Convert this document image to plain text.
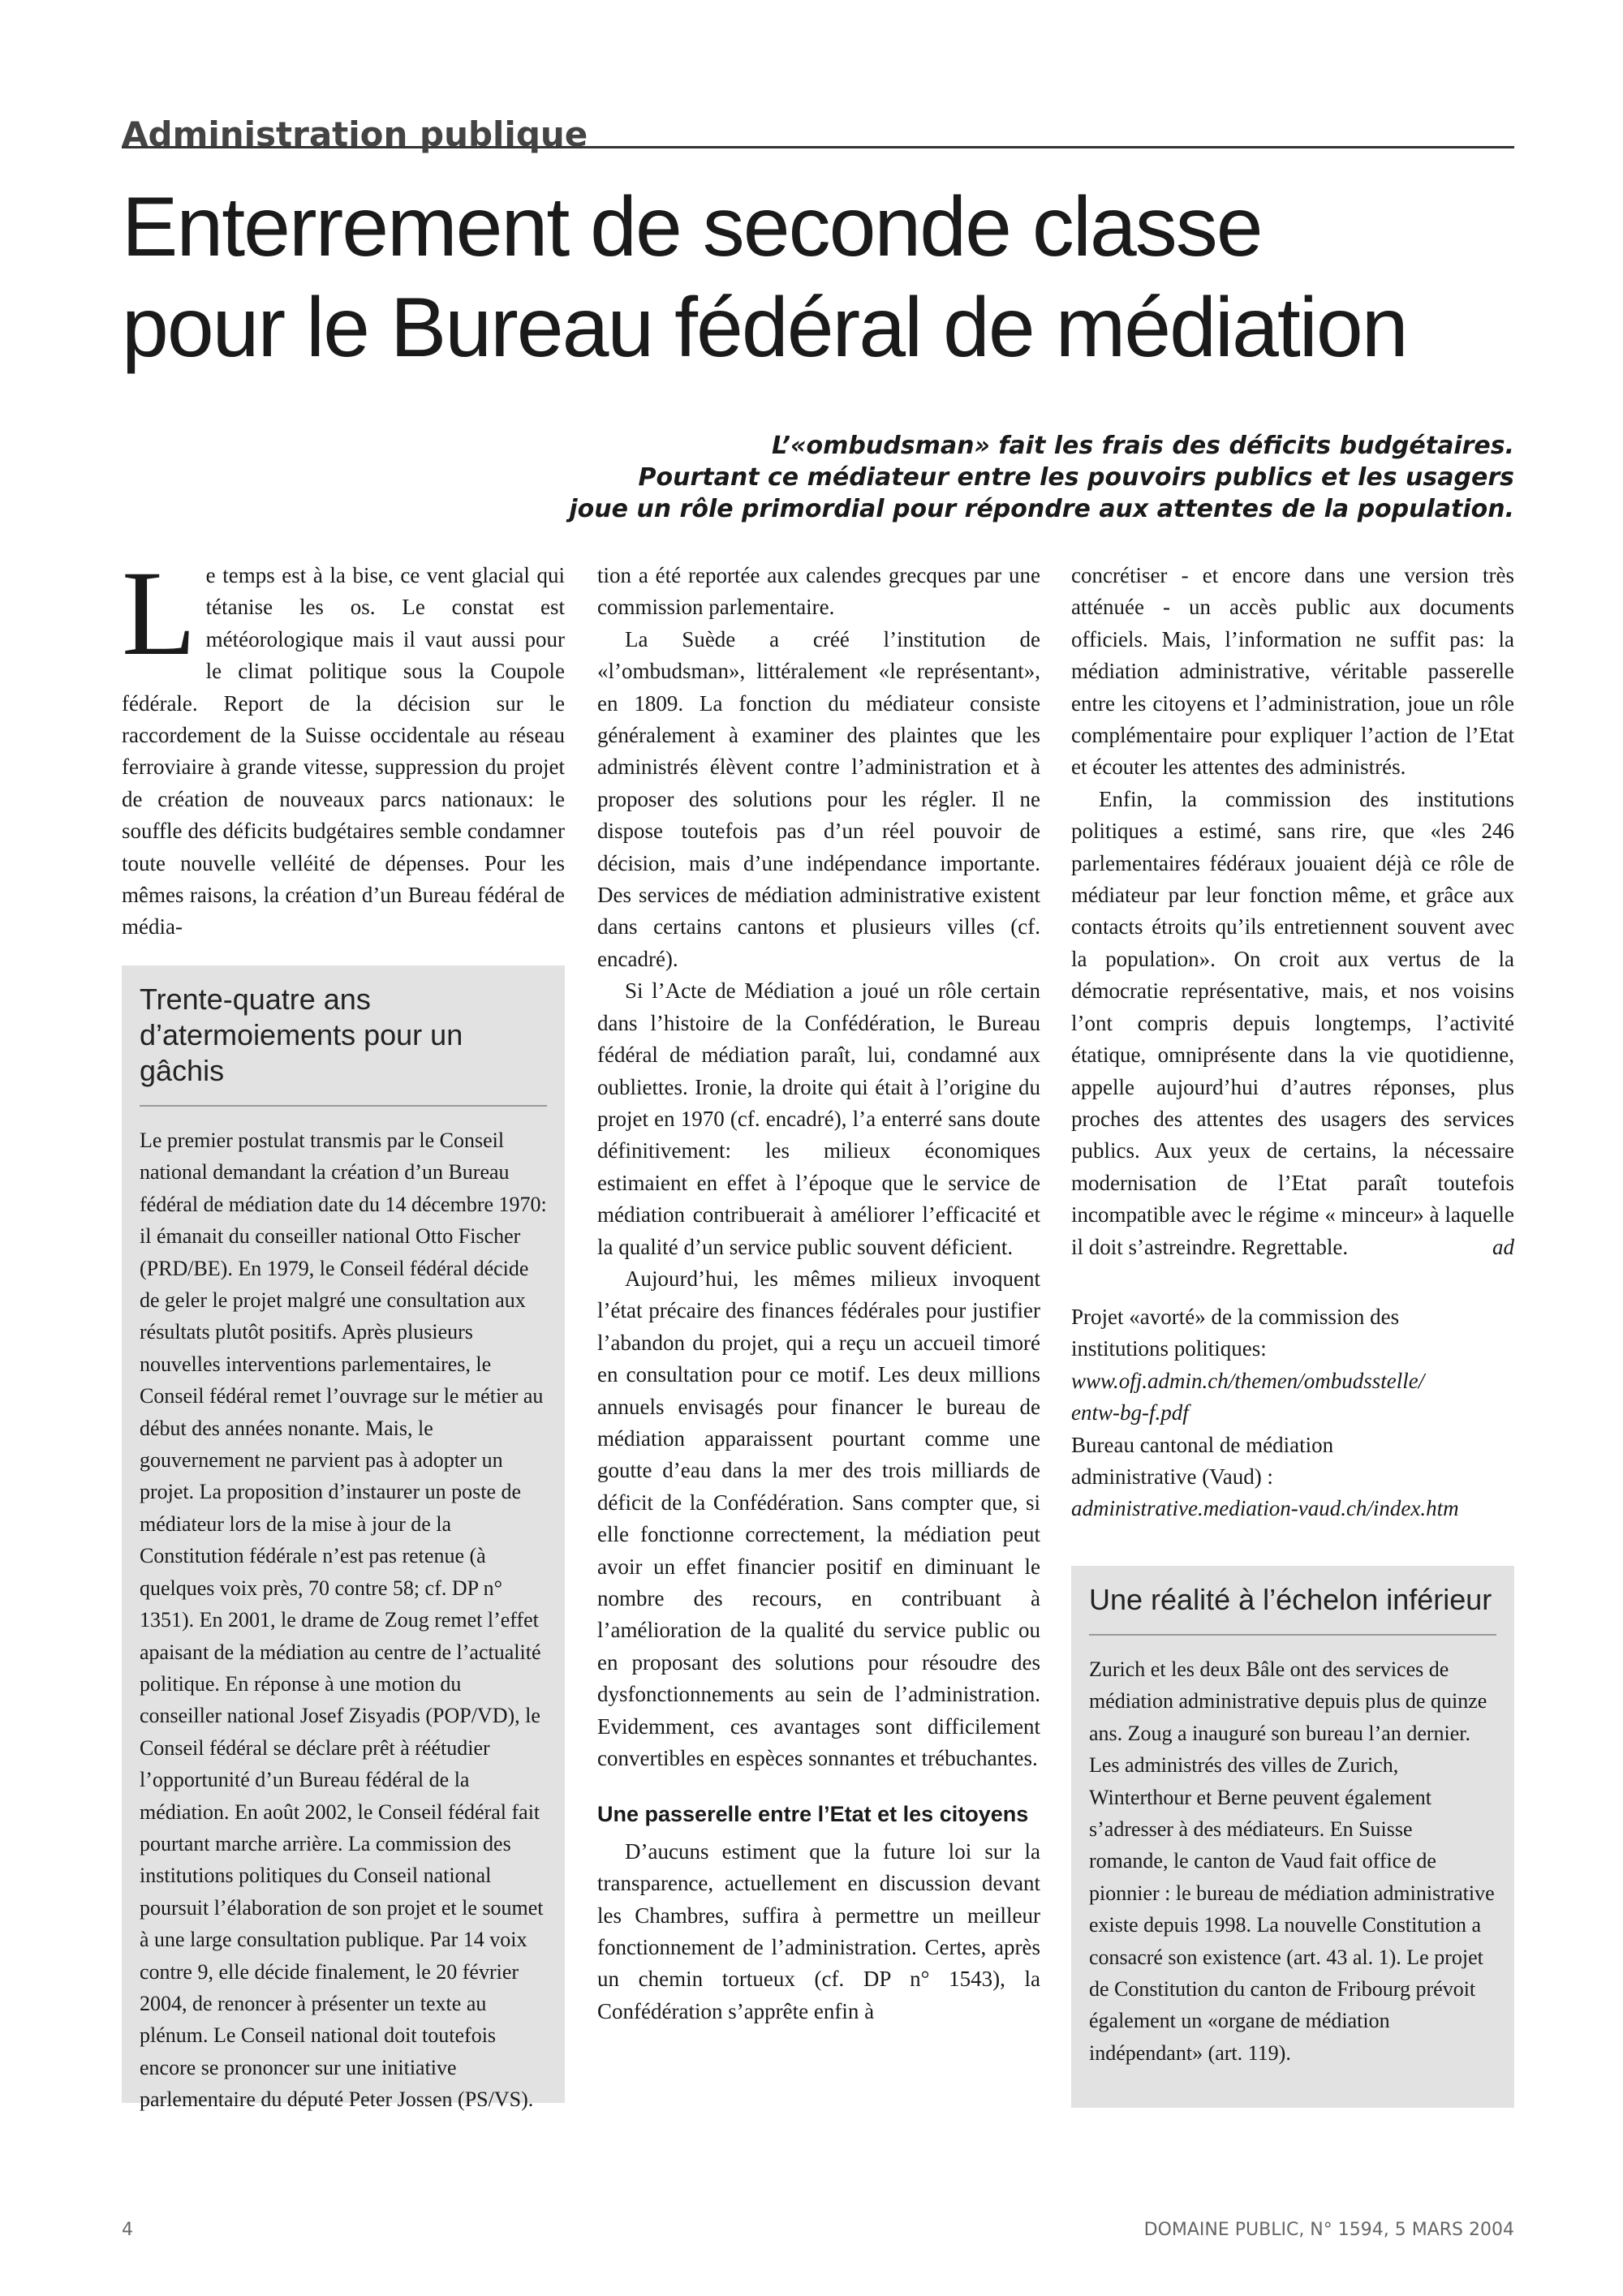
Administration publique
Enterrement de seconde classe
pour le Bureau fédéral de médiation
L’«ombudsman» fait les frais des déficits budgétaires.
Pourtant ce médiateur entre les pouvoirs publics et les usagers
joue un rôle primordial pour répondre aux attentes de la population.

Le temps est à la bise, ce vent glacial qui tétanise les os. Le constat est météorologique mais il vaut aussi pour le climat politique sous la Coupole fédérale. Report de la décision sur le raccordement de la Suisse occidentale au réseau ferroviaire à grande vitesse, suppression du projet de création de nouveaux parcs nationaux: le souffle des déficits budgétaires semble condamner toute nouvelle velléité de dépenses. Pour les mêmes raisons, la création d’un Bureau fédéral de média-

Trente-quatre ans
d’atermoiements pour un gâchis
Le premier postulat transmis par le Conseil national demandant la création d’un Bureau fédéral de médiation date du 14 décembre 1970: il émanait du conseiller national Otto Fischer (PRD/BE). En 1979, le Conseil fédéral décide de geler le projet malgré une consultation aux résultats plutôt positifs. Après plusieurs nouvelles interventions parlementaires, le Conseil fédéral remet l’ouvrage sur le métier au début des années nonante. Mais, le gouvernement ne parvient pas à adopter un projet. La proposition d’instaurer un poste de médiateur lors de la mise à jour de la Constitution fédérale n’est pas retenue (à quelques voix près, 70 contre 58; cf. DP n° 1351). En 2001, le drame de Zoug remet l’effet apaisant de la médiation au centre de l’actualité politique. En réponse à une motion du conseiller national Josef Zisyadis (POP/VD), le Conseil fédéral se déclare prêt à réétudier l’opportunité d’un Bureau fédéral de la médiation. En août 2002, le Conseil fédéral fait pourtant marche arrière. La commission des institutions politiques du Conseil national poursuit l’élaboration de son projet et le soumet à une large consultation publique. Par 14 voix contre 9, elle décide finalement, le 20 février 2004, de renoncer à présenter un texte au plénum. Le Conseil national doit toutefois encore se prononcer sur une initiative parlementaire du député Peter Jossen (PS/VS).

tion a été reportée aux calendes grecques par une commission parlementaire.

La Suède a créé l’institution de «l’ombudsman», littéralement «le représentant», en 1809. La fonction du médiateur consiste généralement à examiner des plaintes que les administrés élèvent contre l’administration et à proposer des solutions pour les régler. Il ne dispose toutefois pas d’un réel pouvoir de décision, mais d’une indépendance importante. Des services de médiation administrative existent dans certains cantons et plusieurs villes (cf. encadré).

Si l’Acte de Médiation a joué un rôle certain dans l’histoire de la Confédération, le Bureau fédéral de médiation paraît, lui, condamné aux oubliettes. Ironie, la droite qui était à l’origine du projet en 1970 (cf. encadré), l’a enterré sans doute définitivement: les milieux économiques estimaient en effet à l’époque que le service de médiation contribuerait à améliorer l’efficacité et la qualité d’un service public souvent déficient.

Aujourd’hui, les mêmes milieux invoquent l’état précaire des finances fédérales pour justifier l’abandon du projet, qui a reçu un accueil timoré en consultation pour ce motif. Les deux millions annuels envisagés pour financer le bureau de médiation apparaissent pourtant comme une goutte d’eau dans la mer des trois milliards de déficit de la Confédération. Sans compter que, si elle fonctionne correctement, la médiation peut avoir un effet financier positif en diminuant le nombre des recours, en contribuant à l’amélioration de la qualité du service public ou en proposant des solutions pour résoudre des dysfonctionnements au sein de l’administration. Evidemment, ces avantages sont difficilement convertibles en espèces sonnantes et trébuchantes.

Une passerelle entre l’Etat et les citoyens

D’aucuns estiment que la future loi sur la transparence, actuellement en discussion devant les Chambres, suffira à permettre un meilleur fonctionnement de l’administration. Certes, après un chemin tortueux (cf. DP n° 1543), la Confédération s’apprête enfin à

concrétiser - et encore dans une version très atténuée - un accès public aux documents officiels. Mais, l’information ne suffit pas: la médiation administrative, véritable passerelle entre les citoyens et l’administration, joue un rôle complémentaire pour expliquer l’action de l’Etat et écouter les attentes des administrés.

Enfin, la commission des institutions politiques a estimé, sans rire, que «les 246 parlementaires fédéraux jouaient déjà ce rôle de médiateur par leur fonction même, et grâce aux contacts étroits qu’ils entretiennent souvent avec la population». On croit aux vertus de la démocratie représentative, mais, et nos voisins l’ont compris depuis longtemps, l’activité étatique, omniprésente dans la vie quotidienne, appelle aujourd’hui d’autres réponses, plus proches des attentes des usagers des services publics. Aux yeux de certains, la nécessaire modernisation de l’Etat paraît toutefois incompatible avec le régime « minceur» à laquelle il doit s’astreindre. Regrettable.	ad

Projet «avorté» de la commission des
institutions politiques:
www.ofj.admin.ch/themen/ombudsstelle/
entw-bg-f.pdf
Bureau cantonal de médiation
administrative (Vaud) :
administrative.mediation-vaud.ch/index.htm
Une réalité à l’échelon inférieur
Zurich et les deux Bâle ont des services de médiation administrative depuis plus de quinze ans. Zoug a inauguré son bureau l’an dernier. Les administrés des villes de Zurich, Winterthour et Berne peuvent également s’adresser à des médiateurs. En Suisse romande, le canton de Vaud fait office de pionnier : le bureau de médiation administrative existe depuis 1998. La nouvelle Constitution a consacré son existence (art. 43 al. 1). Le projet de Constitution du canton de Fribourg prévoit également un «organe de médiation indépendant» (art. 119).
4	DOMAINE PUBLIC, N° 1594, 5 MARS 2004
